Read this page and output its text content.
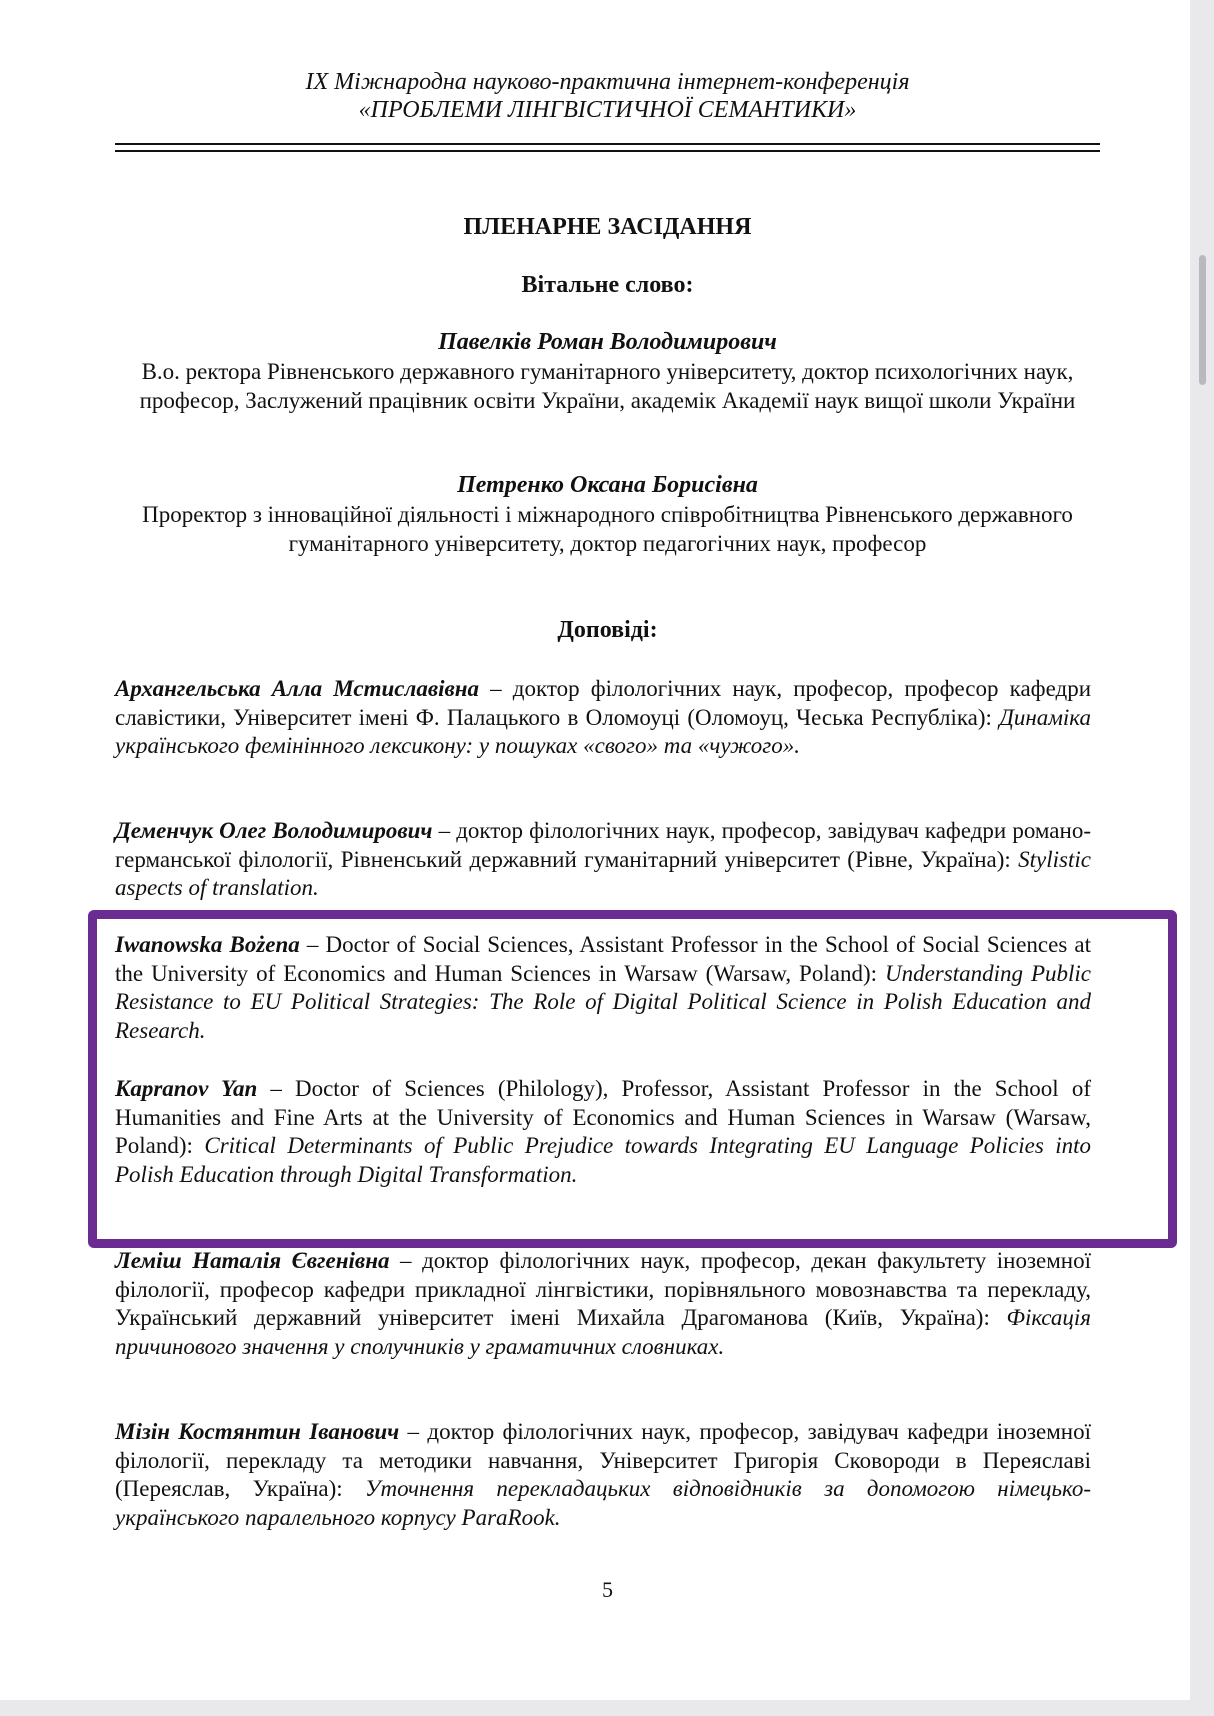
IX Міжнародна науково-практична інтернет-конференція
«ПРОБЛЕМИ ЛІНГВІСТИЧНОЇ СЕМАНТИКИ»
ПЛЕНАРНЕ ЗАСІДАННЯ
Вітальне слово:
Павелків Роман Володимирович
В.о. ректора Рівненського державного гуманітарного університету, доктор психологічних наук, професор, Заслужений працівник освіти України, академік Академії наук вищої школи України
Петренко Оксана Борисівна
Проректор з інноваційної діяльності і міжнародного співробітництва Рівненського державного гуманітарного університету, доктор педагогічних наук, професор
Доповіді:
Архангельська Алла Мстиславівна – доктор філологічних наук, професор, професор кафедри славістики, Університет імені Ф. Палацького в Оломоуці (Оломоуц, Чеська Республіка): Динаміка українського фемінінного лексикону: у пошуках «свого» та «чужого».
Деменчук Олег Володимирович – доктор філологічних наук, професор, завідувач кафедри романо-германської філології, Рівненський державний гуманітарний університет (Рівне, Україна): Stylistic aspects of translation.
Iwanowska Bożena – Doctor of Social Sciences, Assistant Professor in the School of Social Sciences at the University of Economics and Human Sciences in Warsaw (Warsaw, Poland): Understanding Public Resistance to EU Political Strategies: The Role of Digital Political Science in Polish Education and Research.
Kapranov Yan – Doctor of Sciences (Philology), Professor, Assistant Professor in the School of Humanities and Fine Arts at the University of Economics and Human Sciences in Warsaw (Warsaw, Poland): Critical Determinants of Public Prejudice towards Integrating EU Language Policies into Polish Education through Digital Transformation.
Леміш Наталія Євгенівна – доктор філологічних наук, професор, декан факультету іноземної філології, професор кафедри прикладної лінгвістики, порівняльного мовознавства та перекладу, Український державний університет імені Михайла Драгоманова (Київ, Україна): Фіксація причинового значення у сполучників у граматичних словниках.
Мізін Костянтин Іванович – доктор філологічних наук, професор, завідувач кафедри іноземної філології, перекладу та методики навчання, Університет Григорія Сковороди в Переяславі (Переяслав, Україна): Уточнення перекладацьких відповідників за допомогою німецько-українського паралельного корпусу ParaRook.
5
